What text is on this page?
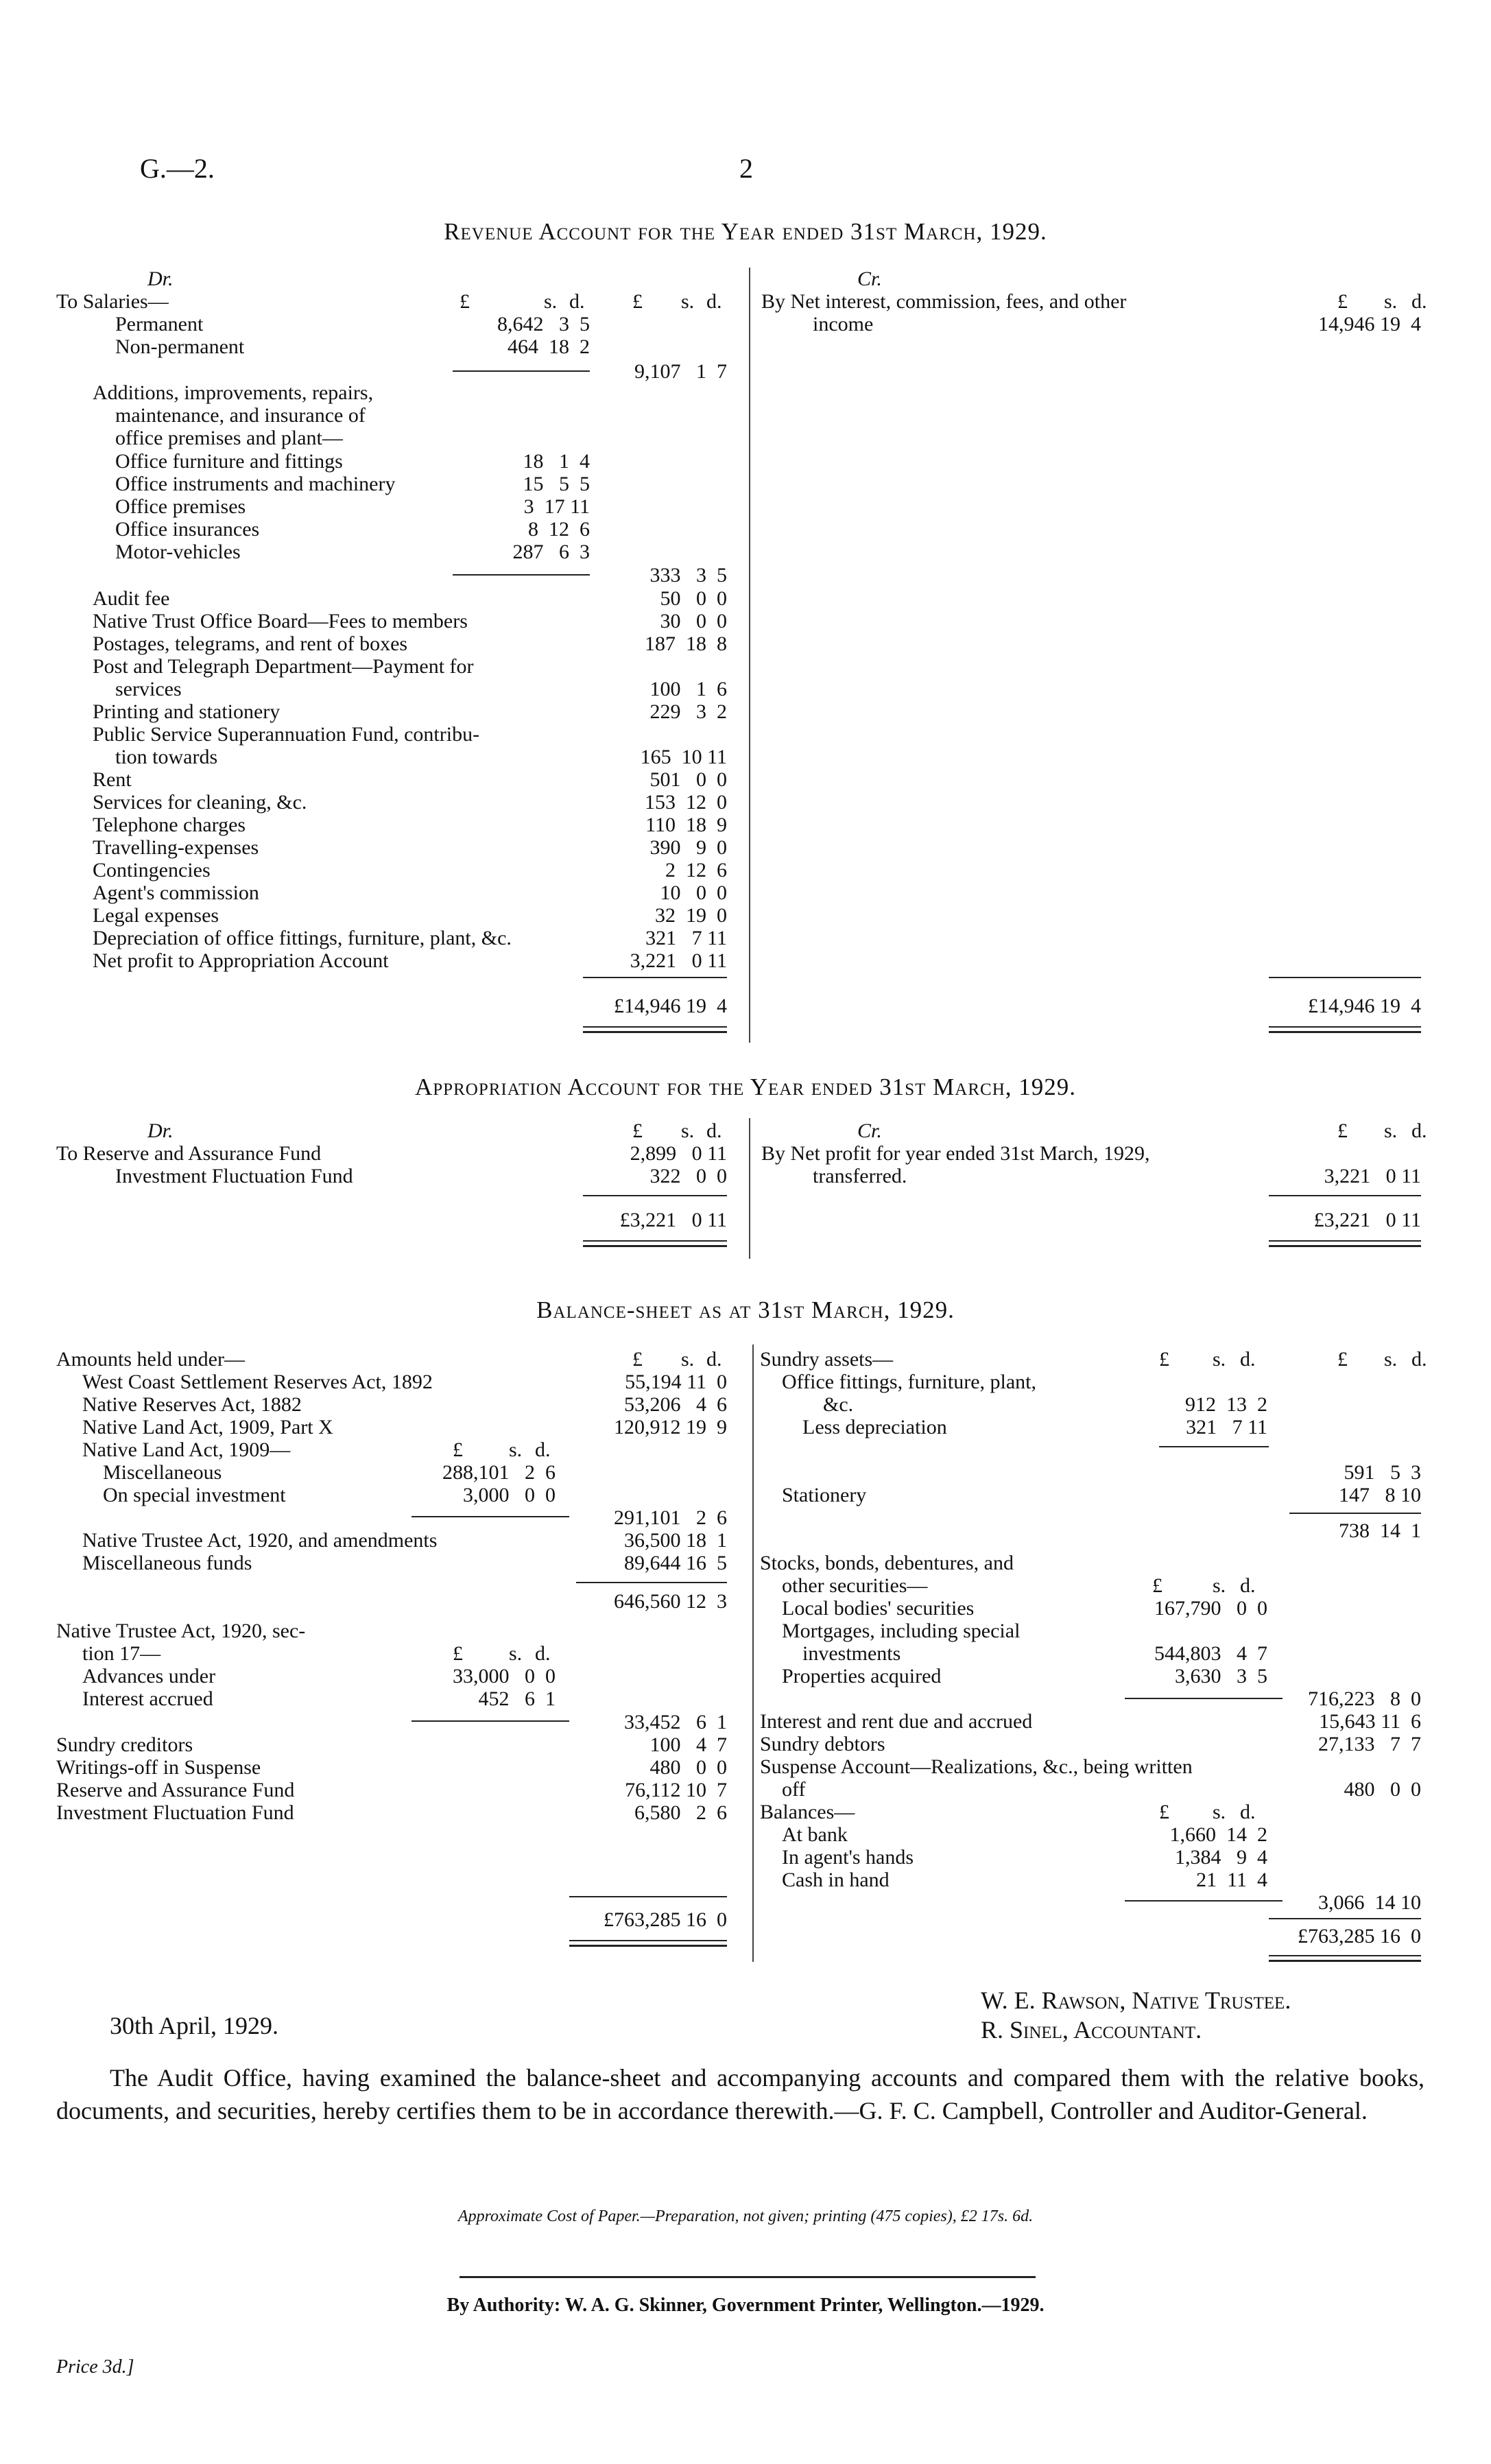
G.—2.	2
Revenue Account for the Year ended 31st March, 1929.
Dr.	Cr.
£	s. d. £ s. d.	£ s. d.
To Salaries—
Permanent	8,642   3  5
Non-permanent	464  18  2
9,107   1  7
Additions, improvements, repairs,
maintenance, and insurance of
office premises and plant—
Office furniture and fittings	18   1  4
Office instruments and machinery	15   5  5
Office premises	3  17 11
Office insurances	8  12  6
Motor-vehicles	287   6  3
333   3  5
Audit fee	50   0  0
Native Trust Office Board—Fees to members	30   0  0
Postages, telegrams, and rent of boxes	187  18  8
Post and Telegraph Department—Payment for
services	100   1  6
Printing and stationery	229   3  2
Public Service Superannuation Fund, contribu-
tion towards	165  10 11
Rent	501   0  0
Services for cleaning, &c.	153  12  0
Telephone charges	110  18  9
Travelling-expenses	390   9  0
Contingencies	2  12  6
Agent's commission	10   0  0
Legal expenses	32  19  0
Depreciation of office fittings, furniture, plant, &c.	321   7 11
Net profit to Appropriation Account	3,221   0 11
£14,946 19  4
By Net interest, commission, fees, and other
income	14,946 19  4
£14,946 19  4
Appropriation Account for the Year ended 31st March, 1929.
Dr.	£ s. d.	Cr.	£ s. d.
To Reserve and Assurance Fund	2,899   0 11
Investment Fluctuation Fund	322   0  0
£3,221   0 11
By Net profit for year ended 31st March, 1929,
transferred.	3,221   0 11
£3,221   0 11
Balance-sheet as at 31st March, 1929.
Amounts held under—	£ s. d.
West Coast Settlement Reserves Act, 1892	55,194 11  0
Native Reserves Act, 1882	53,206   4  6
Native Land Act, 1909, Part X	120,912 19  9
Native Land Act, 1909—	£ s. d.
Miscellaneous	288,101   2  6
On special investment	3,000   0  0
291,101   2  6
Native Trustee Act, 1920, and amendments	36,500 18  1
Miscellaneous funds	89,644 16  5
646,560 12  3
Native Trustee Act, 1920, sec-
tion 17—	£ s. d.
Advances under	33,000   0  0
Interest accrued	452   6  1
33,452   6  1
Sundry creditors	100   4  7
Writings-off in Suspense	480   0  0
Reserve and Assurance Fund	76,112 10  7
Investment Fluctuation Fund	6,580   2  6
£763,285 16  0
Sundry assets—	£ s. d.	£ s. d.
Office fittings, furniture, plant,
&c.	912  13  2
Less depreciation	321   7 11
591   5  3
Stationery	147   8 10
738  14  1
Stocks, bonds, debentures, and
other securities—	£ s. d.
Local bodies' securities	167,790   0  0
Mortgages, including special
investments	544,803   4  7
Properties acquired	3,630   3  5
716,223   8  0
Interest and rent due and accrued	15,643 11  6
Sundry debtors	27,133   7  7
Suspense Account—Realizations, &c., being written
off	480   0  0
Balances—	£ s. d.
At bank	1,660  14  2
In agent's hands	1,384   9  4
Cash in hand	21  11  4
3,066  14 10
£763,285 16  0
30th April, 1929.
W. E. Rawson, Native Trustee.
R. Sinel, Accountant.
The Audit Office, having examined the balance-sheet and accompanying accounts and compared them with the relative books, documents, and securities, hereby certifies them to be in accordance therewith.—G. F. C. Campbell, Controller and Auditor-General.
Approximate Cost of Paper.—Preparation, not given; printing (475 copies), £2 17s. 6d.
By Authority: W. A. G. Skinner, Government Printer, Wellington.—1929.
Price 3d.]
